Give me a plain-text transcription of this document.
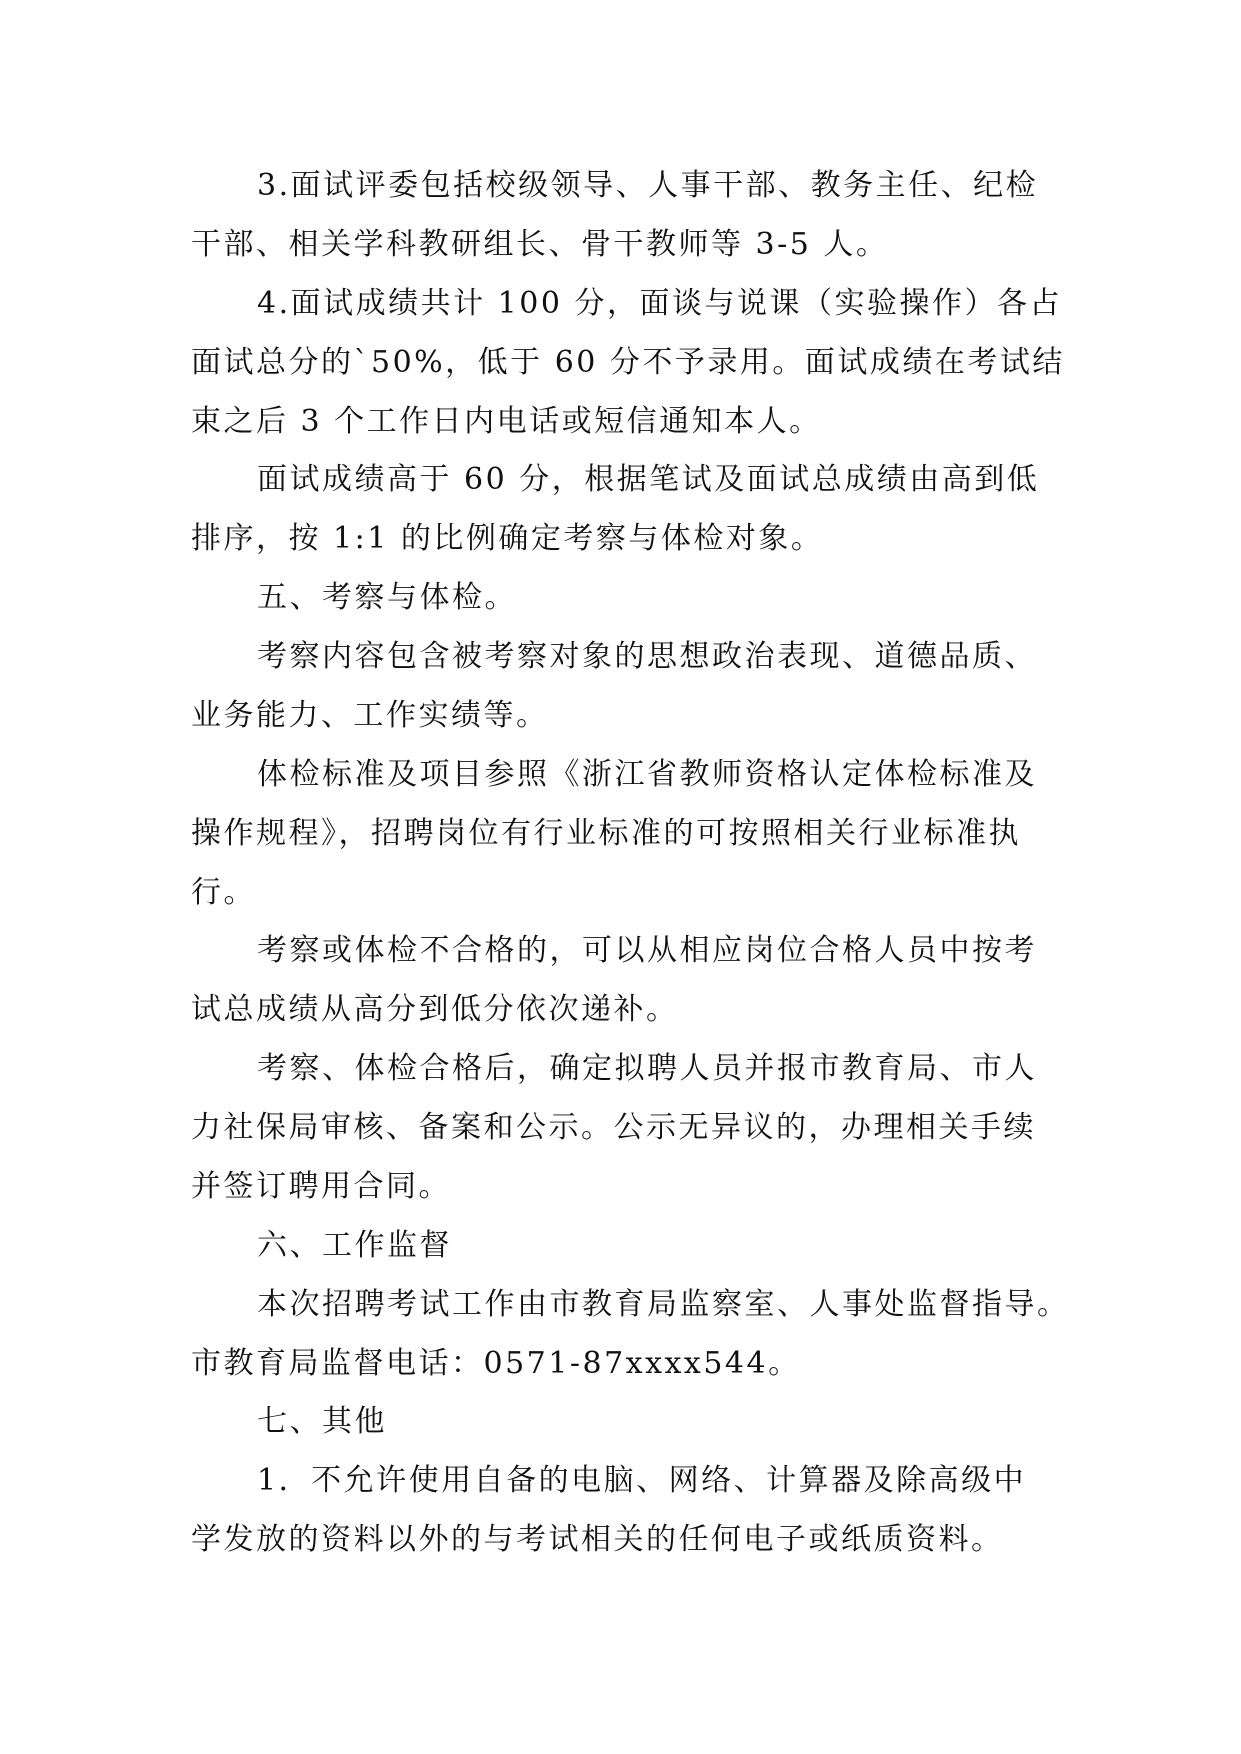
3.面试评委包括校级领导、人事干部、教务主任、纪检
干部、相关学科教研组长、骨干教师等 3-5 人。
4.面试成绩共计 100 分，面谈与说课（实验操作）各占
面试总分的`50%，低于 60 分不予录用。面试成绩在考试结
束之后 3 个工作日内电话或短信通知本人。
面试成绩高于 60 分，根据笔试及面试总成绩由高到低
排序，按 1:1 的比例确定考察与体检对象。
五、考察与体检。
考察内容包含被考察对象的思想政治表现、道德品质、
业务能力、工作实绩等。
体检标准及项目参照《浙江省教师资格认定体检标准及
操作规程》，招聘岗位有行业标准的可按照相关行业标准执
行。
考察或体检不合格的，可以从相应岗位合格人员中按考
试总成绩从高分到低分依次递补。
考察、体检合格后，确定拟聘人员并报市教育局、市人
力社保局审核、备案和公示。公示无异议的，办理相关手续
并签订聘用合同。
六、工作监督
本次招聘考试工作由市教育局监察室、人事处监督指导。
市教育局监督电话：0571-87xxxx544。
七、其他
1．不允许使用自备的电脑、网络、计算器及除高级中
学发放的资料以外的与考试相关的任何电子或纸质资料。
